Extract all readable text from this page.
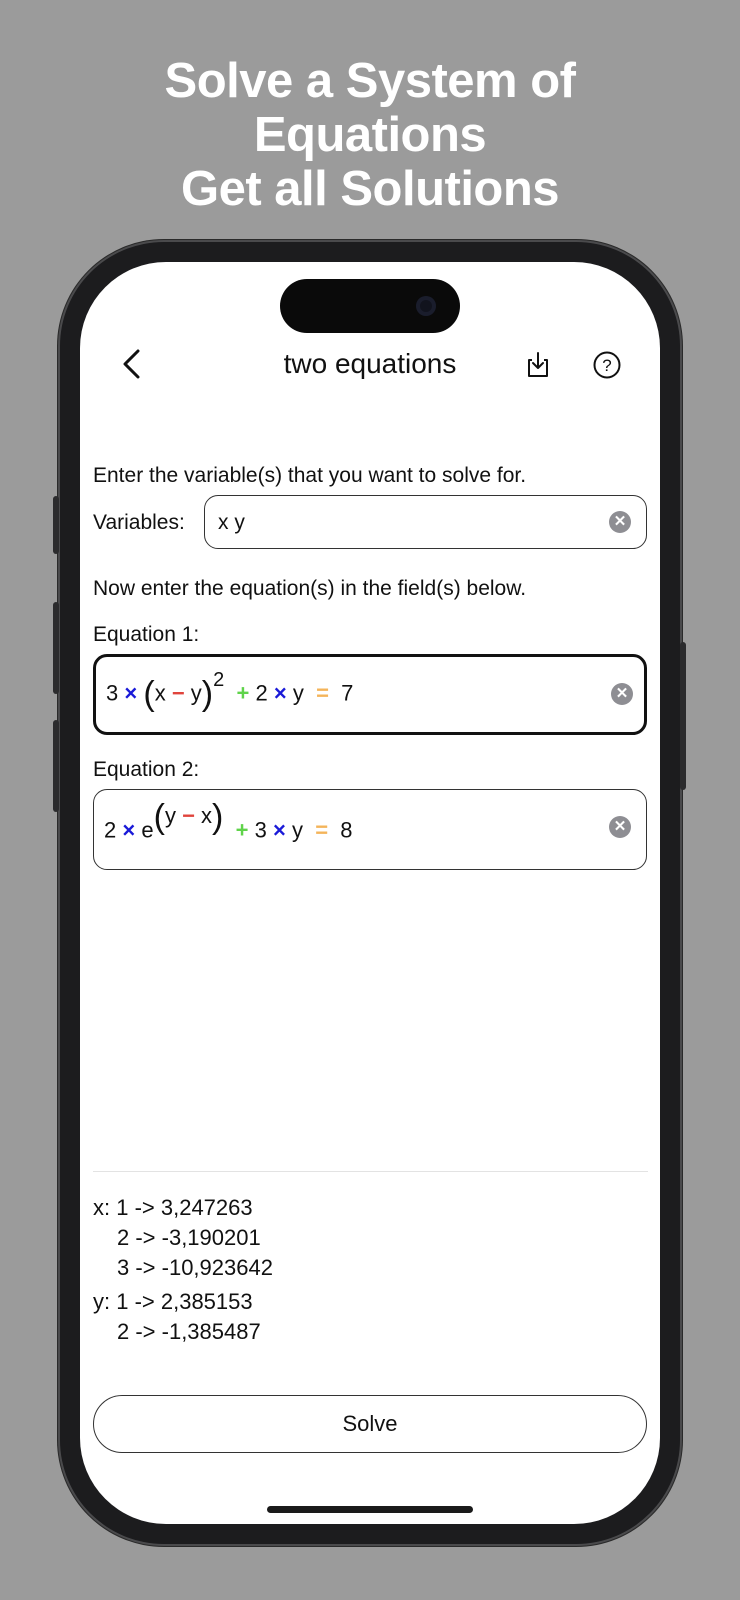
Solve a System of
Equations
Get all Solutions
two equations	?
Enter the variable(s) that you want to solve for.
Variables: x y	✕
Now enter the equation(s) in the field(s) below.
Equation 1:
$3 \times (x - y)^2 + 2 \times y = 7$	✕
Equation 2:
2 × e(y − x) + 3 × y = 8	✕
x: 1 -> 3,247263
2 -> -3,190201
3 -> -10,923642
y: 1 -> 2,385153
2 -> -1,385487
Solve
